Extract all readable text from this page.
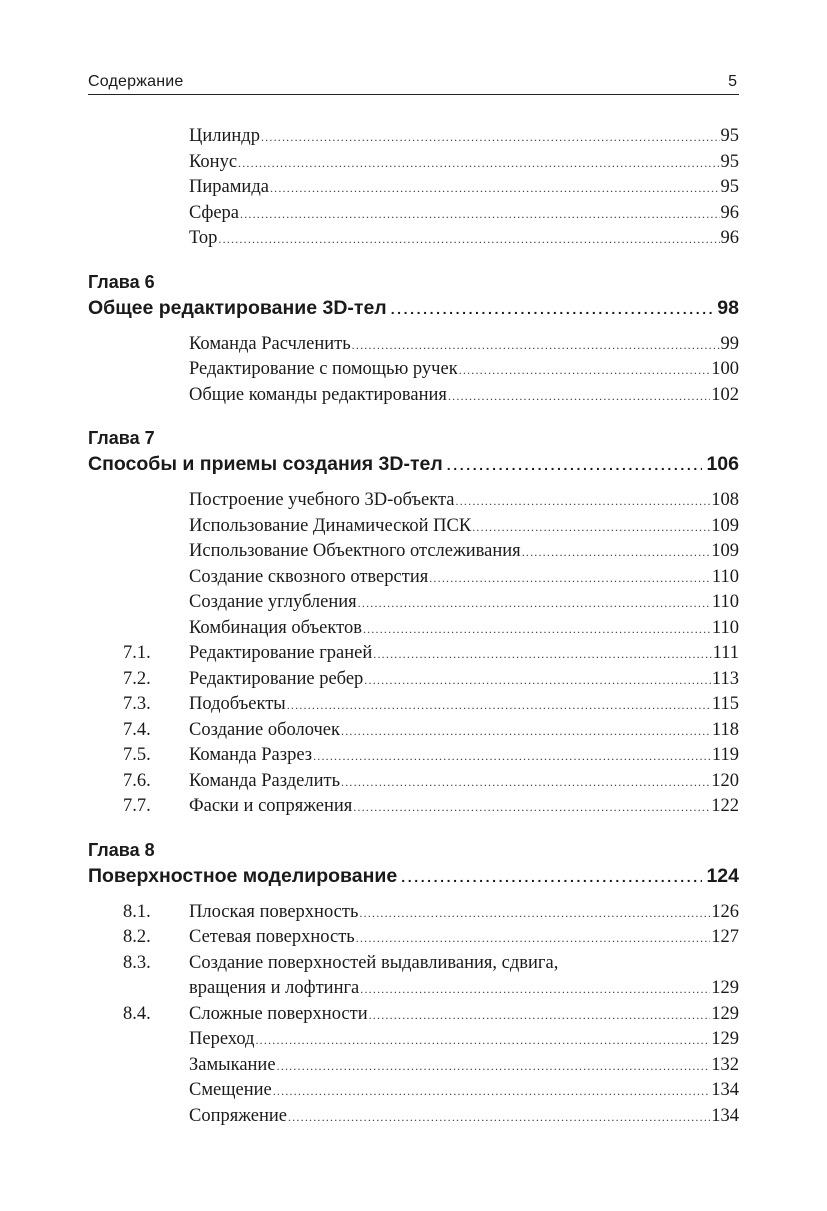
Содержание	5
Цилиндр .....	95
Конус .....	95
Пирамида .....	95
Сфера .....	96
Тор .....	96
Глава 6
Общее редактирование 3D-тел .....	98
Команда Расчленить .....	99
Редактирование с помощью ручек .....	100
Общие команды редактирования .....	102
Глава 7
Способы и приемы создания 3D-тел .....	106
Построение учебного 3D-объекта .....	108
Использование Динамической ПСК .....	109
Использование Объектного отслеживания .....	109
Создание сквозного отверстия .....	110
Создание углубления .....	110
Комбинация объектов .....	110
7.1. Редактирование граней .....	111
7.2. Редактирование ребер .....	113
7.3. Подобъекты .....	115
7.4. Создание оболочек .....	118
7.5. Команда Разрез .....	119
7.6. Команда Разделить .....	120
7.7. Фаски и сопряжения .....	122
Глава 8
Поверхностное моделирование .....	124
8.1. Плоская поверхность .....	126
8.2. Сетевая поверхность .....	127
8.3. Создание поверхностей выдавливания, сдвига,
вращения и лофтинга .....	129
8.4. Сложные поверхности .....	129
Переход .....	129
Замыкание .....	132
Смещение .....	134
Сопряжение .....	134
